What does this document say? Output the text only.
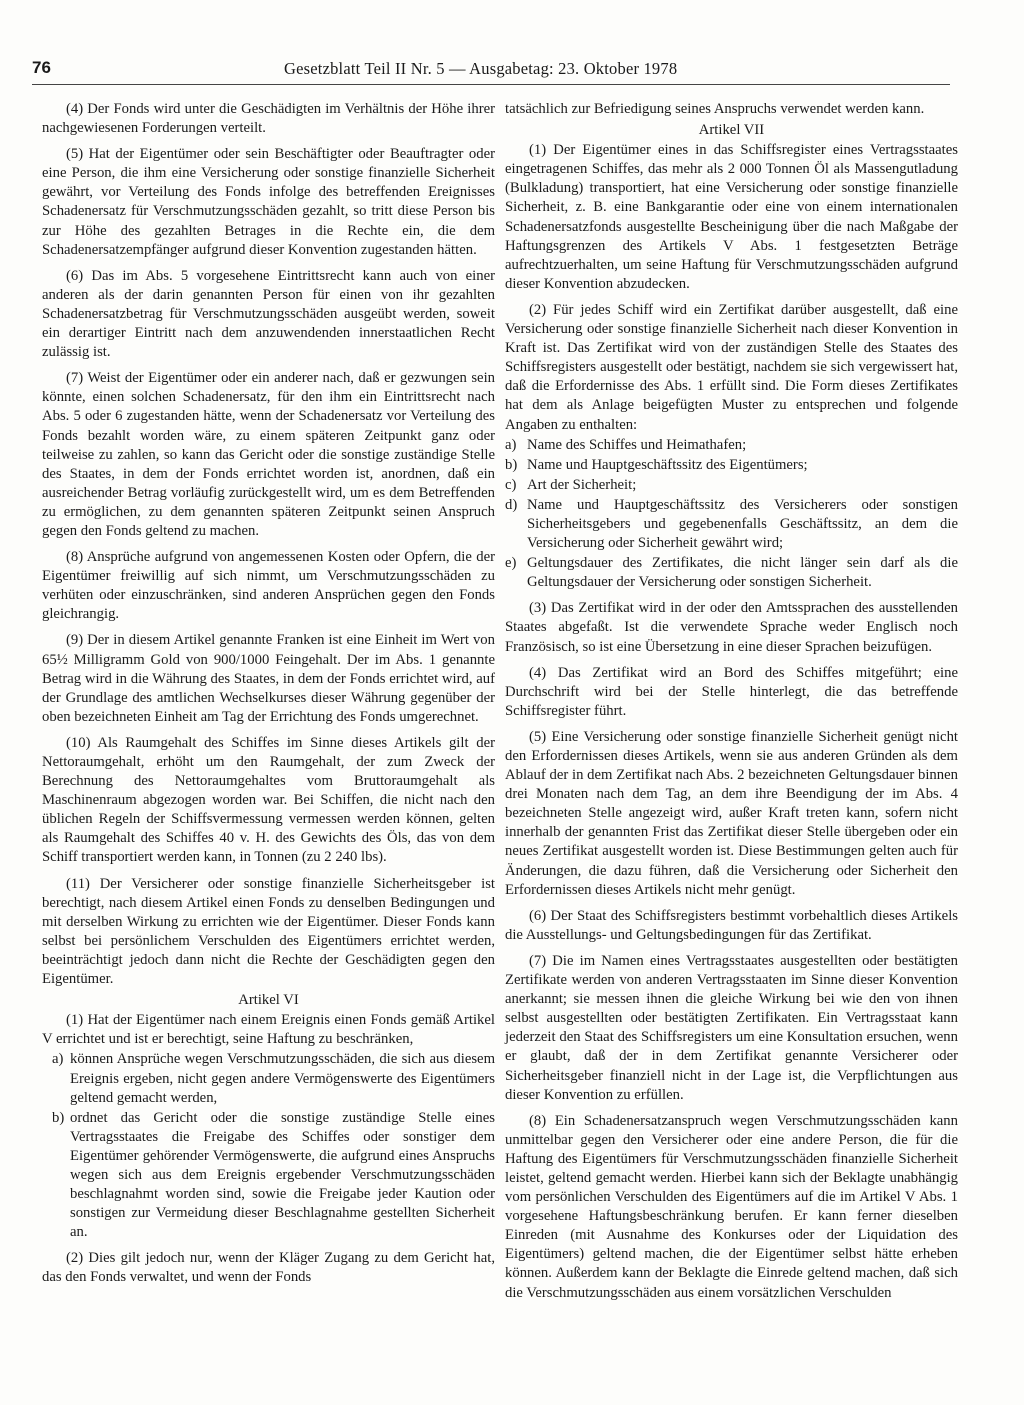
76	Gesetzblatt Teil II Nr. 5 — Ausgabetag: 23. Oktober 1978

(4) Der Fonds wird unter die Geschädigten im Verhältnis der Höhe ihrer nachgewiesenen Forderungen verteilt.

(5) Hat der Eigentümer oder sein Beschäftigter oder Beauftragter oder eine Person, die ihm eine Versicherung oder sonstige finanzielle Sicherheit gewährt, vor Verteilung des Fonds infolge des betreffenden Ereignisses Schadenersatz für Verschmutzungsschäden gezahlt, so tritt diese Person bis zur Höhe des gezahlten Betrages in die Rechte ein, die dem Schadenersatzempfänger aufgrund dieser Konvention zugestanden hätten.

(6) Das im Abs. 5 vorgesehene Eintrittsrecht kann auch von einer anderen als der darin genannten Person für einen von ihr gezahlten Schadenersatzbetrag für Verschmutzungsschäden ausgeübt werden, soweit ein derartiger Eintritt nach dem anzuwendenden innerstaatlichen Recht zulässig ist.

(7) Weist der Eigentümer oder ein anderer nach, daß er gezwungen sein könnte, einen solchen Schadenersatz, für den ihm ein Eintrittsrecht nach Abs. 5 oder 6 zugestanden hätte, wenn der Schadenersatz vor Verteilung des Fonds bezahlt worden wäre, zu einem späteren Zeitpunkt ganz oder teilweise zu zahlen, so kann das Gericht oder die sonstige zuständige Stelle des Staates, in dem der Fonds errichtet worden ist, anordnen, daß ein ausreichender Betrag vorläufig zurückgestellt wird, um es dem Betreffenden zu ermöglichen, zu dem genannten späteren Zeitpunkt seinen Anspruch gegen den Fonds geltend zu machen.

(8) Ansprüche aufgrund von angemessenen Kosten oder Opfern, die der Eigentümer freiwillig auf sich nimmt, um Verschmutzungsschäden zu verhüten oder einzuschränken, sind anderen Ansprüchen gegen den Fonds gleichrangig.

(9) Der in diesem Artikel genannte Franken ist eine Einheit im Wert von 65½ Milligramm Gold von 900/1000 Feingehalt. Der im Abs. 1 genannte Betrag wird in die Währung des Staates, in dem der Fonds errichtet wird, auf der Grundlage des amtlichen Wechselkurses dieser Währung gegenüber der oben bezeichneten Einheit am Tag der Errichtung des Fonds umgerechnet.

(10) Als Raumgehalt des Schiffes im Sinne dieses Artikels gilt der Nettoraumgehalt, erhöht um den Raumgehalt, der zum Zweck der Berechnung des Nettoraumgehaltes vom Bruttoraumgehalt als Maschinenraum abgezogen worden war. Bei Schiffen, die nicht nach den üblichen Regeln der Schiffsvermessung vermessen werden können, gelten als Raumgehalt des Schiffes 40 v. H. des Gewichts des Öls, das von dem Schiff transportiert werden kann, in Tonnen (zu 2 240 lbs).

(11) Der Versicherer oder sonstige finanzielle Sicherheitsgeber ist berechtigt, nach diesem Artikel einen Fonds zu denselben Bedingungen und mit derselben Wirkung zu errichten wie der Eigentümer. Dieser Fonds kann selbst bei persönlichem Verschulden des Eigentümers errichtet werden, beeinträchtigt jedoch dann nicht die Rechte der Geschädigten gegen den Eigentümer.

Artikel VI

(1) Hat der Eigentümer nach einem Ereignis einen Fonds gemäß Artikel V errichtet und ist er berechtigt, seine Haftung zu beschränken,

a) können Ansprüche wegen Verschmutzungsschäden, die sich aus diesem Ereignis ergeben, nicht gegen andere Vermögenswerte des Eigentümers geltend gemacht werden,
b) ordnet das Gericht oder die sonstige zuständige Stelle eines Vertragsstaates die Freigabe des Schiffes oder sonstiger dem Eigentümer gehörender Vermögenswerte, die aufgrund eines Anspruchs wegen sich aus dem Ereignis ergebender Verschmutzungsschäden beschlagnahmt worden sind, sowie die Freigabe jeder Kaution oder sonstigen zur Vermeidung dieser Beschlagnahme gestellten Sicherheit an.

(2) Dies gilt jedoch nur, wenn der Kläger Zugang zu dem Gericht hat, das den Fonds verwaltet, und wenn der Fonds

tatsächlich zur Befriedigung seines Anspruchs verwendet werden kann.

Artikel VII

(1) Der Eigentümer eines in das Schiffsregister eines Vertragsstaates eingetragenen Schiffes, das mehr als 2 000 Tonnen Öl als Massengutladung (Bulkladung) transportiert, hat eine Versicherung oder sonstige finanzielle Sicherheit, z. B. eine Bankgarantie oder eine von einem internationalen Schadenersatzfonds ausgestellte Bescheinigung über die nach Maßgabe der Haftungsgrenzen des Artikels V Abs. 1 festgesetzten Beträge aufrechtzuerhalten, um seine Haftung für Verschmutzungsschäden aufgrund dieser Konvention abzudecken.

(2) Für jedes Schiff wird ein Zertifikat darüber ausgestellt, daß eine Versicherung oder sonstige finanzielle Sicherheit nach dieser Konvention in Kraft ist. Das Zertifikat wird von der zuständigen Stelle des Staates des Schiffsregisters ausgestellt oder bestätigt, nachdem sie sich vergewissert hat, daß die Erfordernisse des Abs. 1 erfüllt sind. Die Form dieses Zertifikates hat dem als Anlage beigefügten Muster zu entsprechen und folgende Angaben zu enthalten:

a) Name des Schiffes und Heimathafen;
b) Name und Hauptgeschäftssitz des Eigentümers;
c) Art der Sicherheit;
d) Name und Hauptgeschäftssitz des Versicherers oder sonstigen Sicherheitsgebers und gegebenenfalls Geschäftssitz, an dem die Versicherung oder Sicherheit gewährt wird;
e) Geltungsdauer des Zertifikates, die nicht länger sein darf als die Geltungsdauer der Versicherung oder sonstigen Sicherheit.

(3) Das Zertifikat wird in der oder den Amtssprachen des ausstellenden Staates abgefaßt. Ist die verwendete Sprache weder Englisch noch Französisch, so ist eine Übersetzung in eine dieser Sprachen beizufügen.

(4) Das Zertifikat wird an Bord des Schiffes mitgeführt; eine Durchschrift wird bei der Stelle hinterlegt, die das betreffende Schiffsregister führt.

(5) Eine Versicherung oder sonstige finanzielle Sicherheit genügt nicht den Erfordernissen dieses Artikels, wenn sie aus anderen Gründen als dem Ablauf der in dem Zertifikat nach Abs. 2 bezeichneten Geltungsdauer binnen drei Monaten nach dem Tag, an dem ihre Beendigung der im Abs. 4 bezeichneten Stelle angezeigt wird, außer Kraft treten kann, sofern nicht innerhalb der genannten Frist das Zertifikat dieser Stelle übergeben oder ein neues Zertifikat ausgestellt worden ist. Diese Bestimmungen gelten auch für Änderungen, die dazu führen, daß die Versicherung oder Sicherheit den Erfordernissen dieses Artikels nicht mehr genügt.

(6) Der Staat des Schiffsregisters bestimmt vorbehaltlich dieses Artikels die Ausstellungs- und Geltungsbedingungen für das Zertifikat.

(7) Die im Namen eines Vertragsstaates ausgestellten oder bestätigten Zertifikate werden von anderen Vertragsstaaten im Sinne dieser Konvention anerkannt; sie messen ihnen die gleiche Wirkung bei wie den von ihnen selbst ausgestellten oder bestätigten Zertifikaten. Ein Vertragsstaat kann jederzeit den Staat des Schiffsregisters um eine Konsultation ersuchen, wenn er glaubt, daß der in dem Zertifikat genannte Versicherer oder Sicherheitsgeber finanziell nicht in der Lage ist, die Verpflichtungen aus dieser Konvention zu erfüllen.

(8) Ein Schadenersatzanspruch wegen Verschmutzungsschäden kann unmittelbar gegen den Versicherer oder eine andere Person, die für die Haftung des Eigentümers für Verschmutzungsschäden finanzielle Sicherheit leistet, geltend gemacht werden. Hierbei kann sich der Beklagte unabhängig vom persönlichen Verschulden des Eigentümers auf die im Artikel V Abs. 1 vorgesehene Haftungsbeschränkung berufen. Er kann ferner dieselben Einreden (mit Ausnahme des Konkurses oder der Liquidation des Eigentümers) geltend machen, die der Eigentümer selbst hätte erheben können. Außerdem kann der Beklagte die Einrede geltend machen, daß sich die Verschmutzungsschäden aus einem vorsätzlichen Verschulden
